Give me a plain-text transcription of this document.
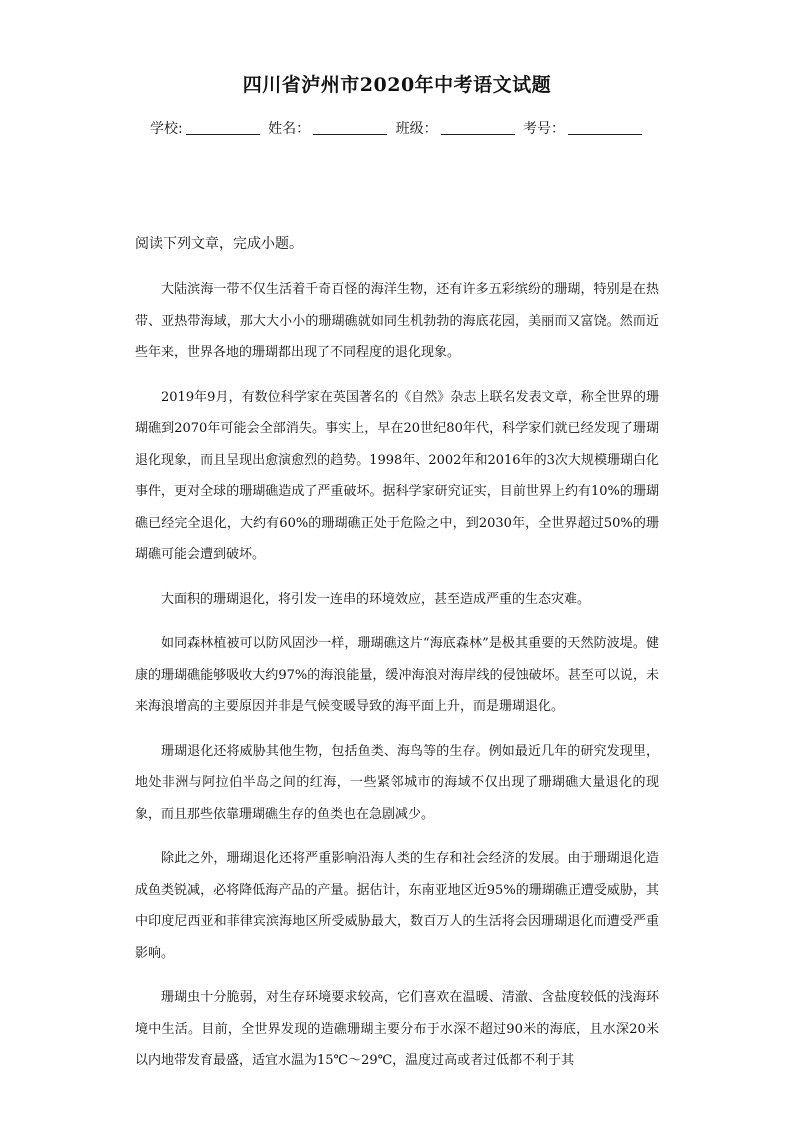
四川省泸州市2020年中考语文试题
学校:	姓名：	班级：	考号：
阅读下列文章，完成小题。

大陆滨海一带不仅生活着千奇百怪的海洋生物，还有许多五彩缤纷的珊瑚，特别是在热带、亚热带海域，那大大小小的珊瑚礁就如同生机勃勃的海底花园，美丽而又富饶。然而近些年来，世界各地的珊瑚都出现了不同程度的退化现象。

2019年9月，有数位科学家在英国著名的《自然》杂志上联名发表文章，称全世界的珊瑚礁到2070年可能会全部消失。事实上，早在20世纪80年代，科学家们就已经发现了珊瑚退化现象，而且呈现出愈演愈烈的趋势。1998年、2002年和2016年的3次大规模珊瑚白化事件，更对全球的珊瑚礁造成了严重破坏。据科学家研究证实，目前世界上约有10%的珊瑚礁已经完全退化，大约有60%的珊瑚礁正处于危险之中，到2030年，全世界超过50%的珊瑚礁可能会遭到破坏。

大面积的珊瑚退化，将引发一连串的环境效应，甚至造成严重的生态灾难。

如同森林植被可以防风固沙一样，珊瑚礁这片“海底森林”是极其重要的天然防波堤。健康的珊瑚礁能够吸收大约97%的海浪能量，缓冲海浪对海岸线的侵蚀破坏。甚至可以说，未来海浪增高的主要原因并非是气候变暖导致的海平面上升，而是珊瑚退化。

珊瑚退化还将威胁其他生物，包括鱼类、海鸟等的生存。例如最近几年的研究发现里，地处非洲与阿拉伯半岛之间的红海，一些紧邻城市的海域不仅出现了珊瑚礁大量退化的现象，而且那些依靠珊瑚礁生存的鱼类也在急剧减少。

除此之外，珊瑚退化还将严重影响沿海人类的生存和社会经济的发展。由于珊瑚退化造成鱼类锐减，必将降低海产品的产量。据估计，东南亚地区近95%的珊瑚礁正遭受威胁，其中印度尼西亚和菲律宾滨海地区所受威胁最大，数百万人的生活将会因珊瑚退化而遭受严重影响。

珊瑚虫十分脆弱，对生存环境要求较高，它们喜欢在温暖、清澈、含盐度较低的浅海环境中生活。目前，全世界发现的造礁珊瑚主要分布于水深不超过90米的海底，且水深20米以内地带发育最盛，适宜水温为15℃～29℃，温度过高或者过低都不利于其
